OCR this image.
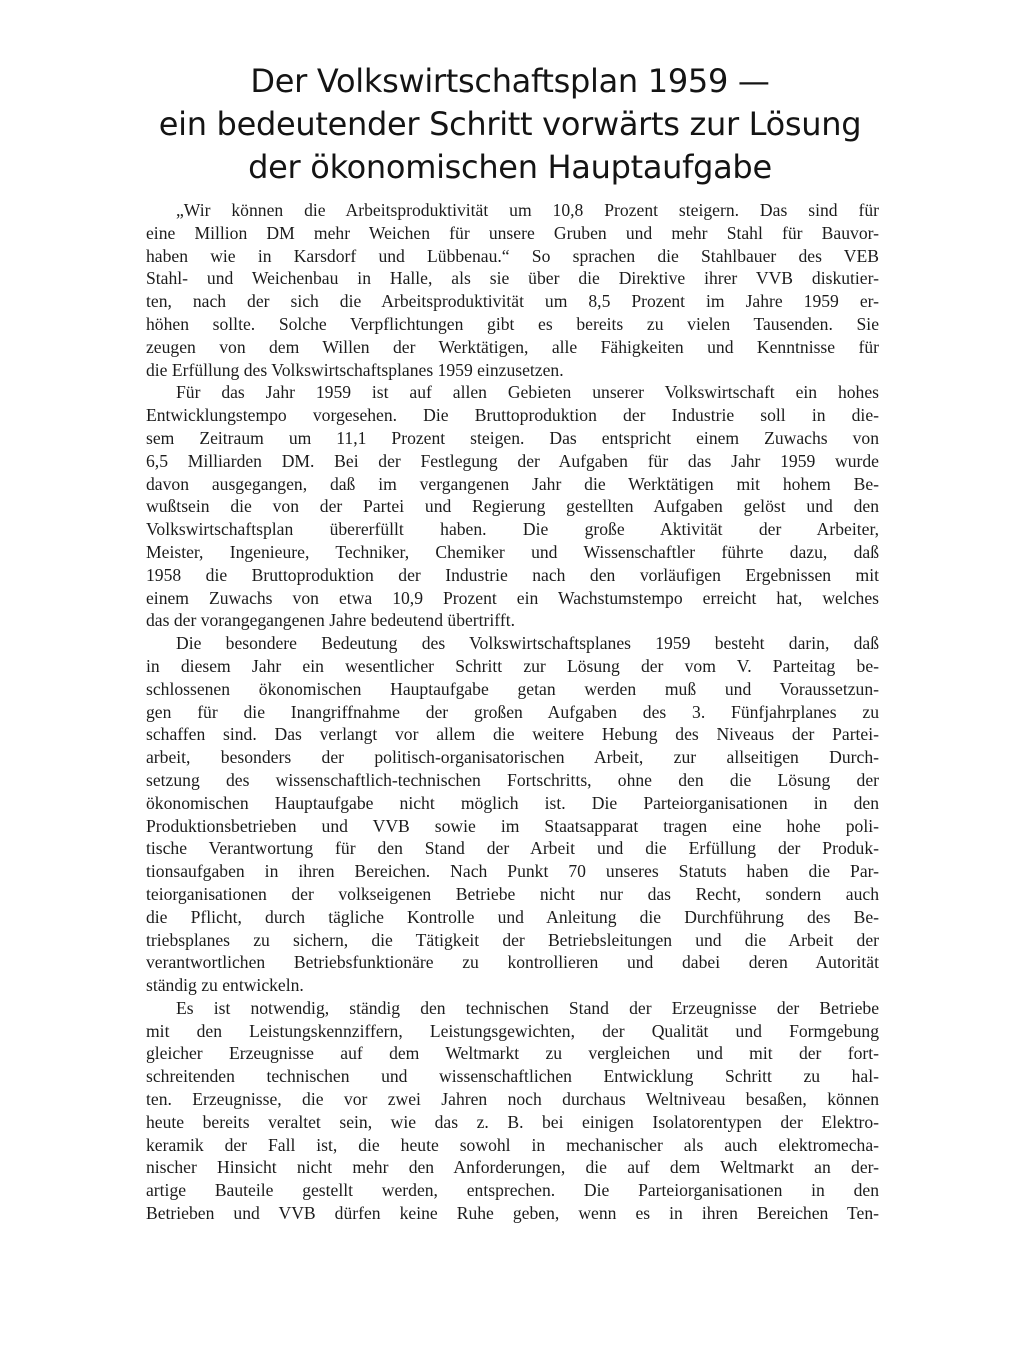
Der Volkswirtschaftsplan 1959 —
ein bedeutender Schritt vorwärts zur Lösung
der ökonomischen Hauptaufgabe
„Wir können die Arbeitsproduktivität um 10,8 Prozent steigern. Das sind für
eine Million DM mehr Weichen für unsere Gruben und mehr Stahl für Bauvor-
haben wie in Karsdorf und Lübbenau.“ So sprachen die Stahlbauer des VEB
Stahl- und Weichenbau in Halle, als sie über die Direktive ihrer VVB diskutier-
ten, nach der sich die Arbeitsproduktivität um 8,5 Prozent im Jahre 1959 er-
höhen sollte. Solche Verpflichtungen gibt es bereits zu vielen Tausenden. Sie
zeugen von dem Willen der Werktätigen, alle Fähigkeiten und Kenntnisse für
die Erfüllung des Volkswirtschaftsplanes 1959 einzusetzen.
Für das Jahr 1959 ist auf allen Gebieten unserer Volkswirtschaft ein hohes
Entwicklungstempo vorgesehen. Die Bruttoproduktion der Industrie soll in die-
sem Zeitraum um 11,1 Prozent steigen. Das entspricht einem Zuwachs von
6,5 Milliarden DM. Bei der Festlegung der Aufgaben für das Jahr 1959 wurde
davon ausgegangen, daß im vergangenen Jahr die Werktätigen mit hohem Be-
wußtsein die von der Partei und Regierung gestellten Aufgaben gelöst und den
Volkswirtschaftsplan übererfüllt haben. Die große Aktivität der Arbeiter,
Meister, Ingenieure, Techniker, Chemiker und Wissenschaftler führte dazu, daß
1958 die Bruttoproduktion der Industrie nach den vorläufigen Ergebnissen mit
einem Zuwachs von etwa 10,9 Prozent ein Wachstumstempo erreicht hat, welches
das der vorangegangenen Jahre bedeutend übertrifft.
Die besondere Bedeutung des Volkswirtschaftsplanes 1959 besteht darin, daß
in diesem Jahr ein wesentlicher Schritt zur Lösung der vom V. Parteitag be-
schlossenen ökonomischen Hauptaufgabe getan werden muß und Voraussetzun-
gen für die Inangriffnahme der großen Aufgaben des 3. Fünfjahrplanes zu
schaffen sind. Das verlangt vor allem die weitere Hebung des Niveaus der Partei-
arbeit, besonders der politisch-organisatorischen Arbeit, zur allseitigen Durch-
setzung des wissenschaftlich-technischen Fortschritts, ohne den die Lösung der
ökonomischen Hauptaufgabe nicht möglich ist. Die Parteiorganisationen in den
Produktionsbetrieben und VVB sowie im Staatsapparat tragen eine hohe poli-
tische Verantwortung für den Stand der Arbeit und die Erfüllung der Produk-
tionsaufgaben in ihren Bereichen. Nach Punkt 70 unseres Statuts haben die Par-
teiorganisationen der volkseigenen Betriebe nicht nur das Recht, sondern auch
die Pflicht, durch tägliche Kontrolle und Anleitung die Durchführung des Be-
triebsplanes zu sichern, die Tätigkeit der Betriebsleitungen und die Arbeit der
verantwortlichen Betriebsfunktionäre zu kontrollieren und dabei deren Autorität
ständig zu entwickeln.
Es ist notwendig, ständig den technischen Stand der Erzeugnisse der Betriebe
mit den Leistungskennziffern, Leistungsgewichten, der Qualität und Formgebung
gleicher Erzeugnisse auf dem Weltmarkt zu vergleichen und mit der fort-
schreitenden technischen und wissenschaftlichen Entwicklung Schritt zu hal-
ten. Erzeugnisse, die vor zwei Jahren noch durchaus Weltniveau besaßen, können
heute bereits veraltet sein, wie das z. B. bei einigen Isolatorentypen der Elektro-
keramik der Fall ist, die heute sowohl in mechanischer als auch elektromecha-
nischer Hinsicht nicht mehr den Anforderungen, die auf dem Weltmarkt an der-
artige Bauteile gestellt werden, entsprechen. Die Parteiorganisationen in den
Betrieben und VVB dürfen keine Ruhe geben, wenn es in ihren Bereichen Ten-
